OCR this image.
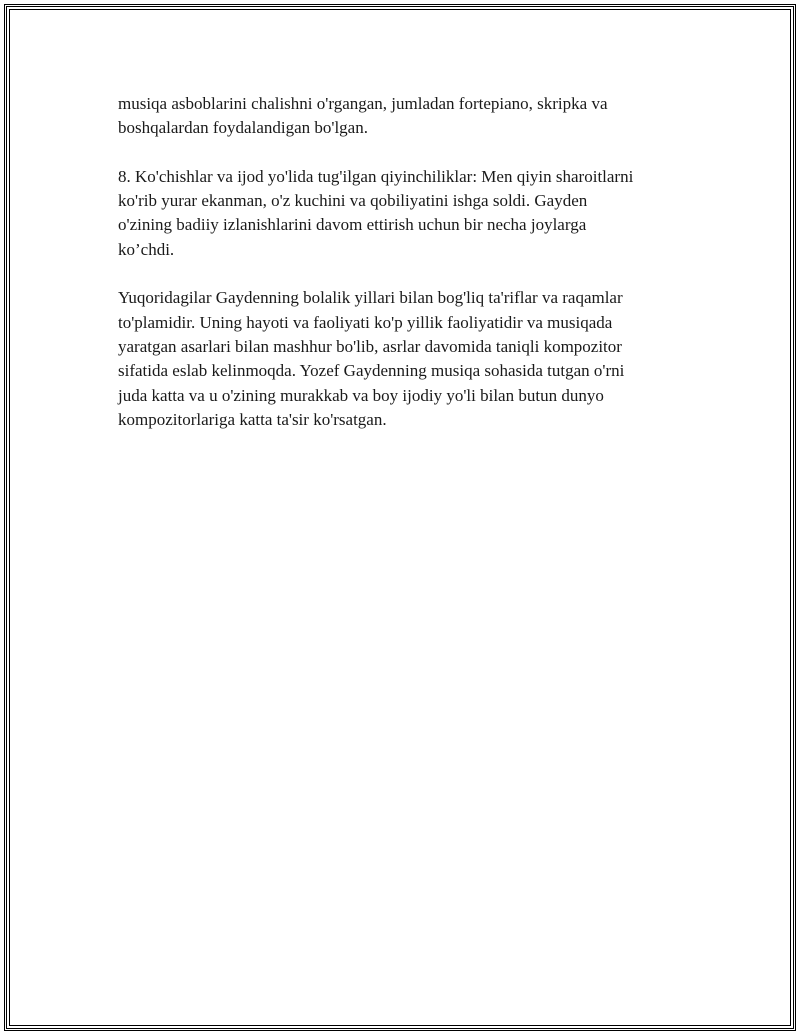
musiqa asboblarini chalishni o'rgangan, jumladan fortepiano, skripka va
boshqalardan foydalandigan bo'lgan.

8. Ko'chishlar va ijod yo'lida tug'ilgan qiyinchiliklar: Men qiyin sharoitlarni
ko'rib yurar ekanman, o'z kuchini va qobiliyatini ishga soldi. Gayden
o'zining badiiy izlanishlarini davom ettirish uchun bir necha joylarga
ko’chdi.

Yuqoridagilar Gaydenning bolalik yillari bilan bog'liq ta'riflar va raqamlar
to'plamidir. Uning hayoti va faoliyati ko'p yillik faoliyatidir va musiqada
yaratgan asarlari bilan mashhur bo'lib, asrlar davomida taniqli kompozitor
sifatida eslab kelinmoqda. Yozef Gaydenning musiqa sohasida tutgan o'rni
juda katta va u o'zining murakkab va boy ijodiy yo'li bilan butun dunyo
kompozitorlariga katta ta'sir ko'rsatgan.
